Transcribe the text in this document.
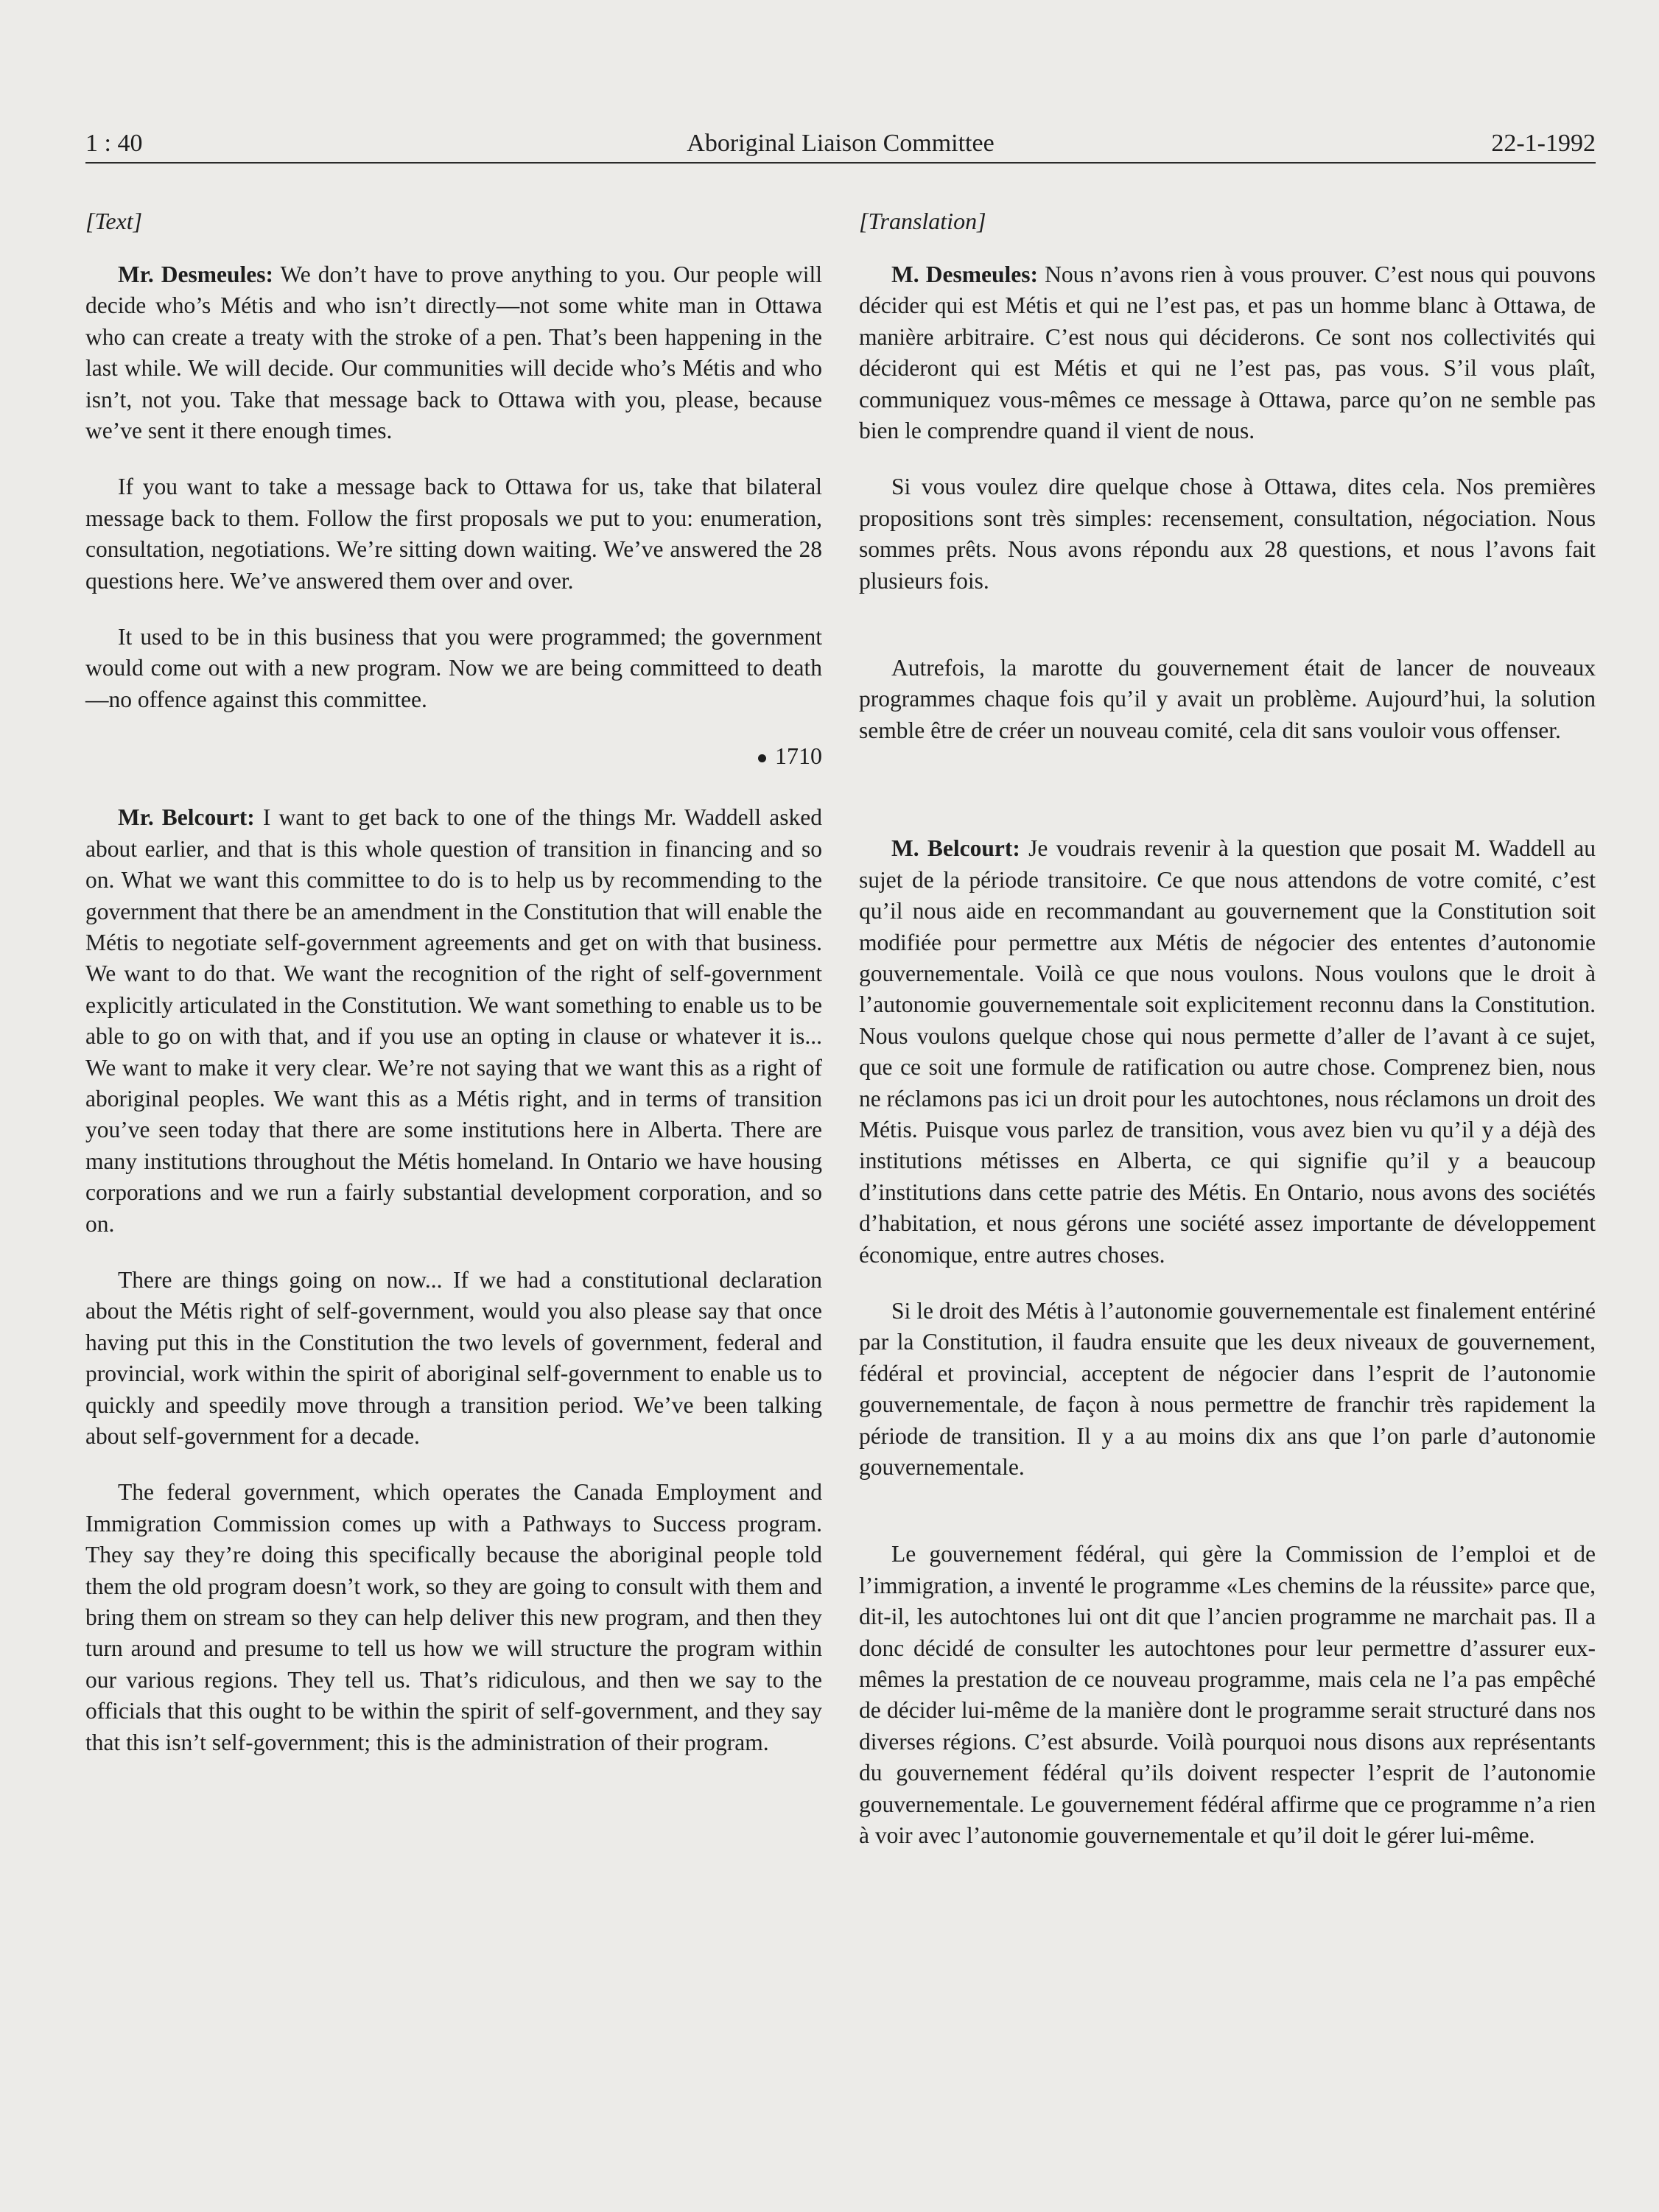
1 : 40	Aboriginal Liaison Committee	22-1-1992

[Text]

Mr. Desmeules: We don’t have to prove anything to you. Our people will decide who’s Métis and who isn’t directly—not some white man in Ottawa who can create a treaty with the stroke of a pen. That’s been happening in the last while. We will decide. Our communities will decide who’s Métis and who isn’t, not you. Take that message back to Ottawa with you, please, because we’ve sent it there enough times.

If you want to take a message back to Ottawa for us, take that bilateral message back to them. Follow the first proposals we put to you: enumeration, consultation, negotiations. We’re sitting down waiting. We’ve answered the 28 questions here. We’ve answered them over and over.

It used to be in this business that you were programmed; the government would come out with a new program. Now we are being committeed to death—no offence against this committee.

1710

Mr. Belcourt: I want to get back to one of the things Mr. Waddell asked about earlier, and that is this whole question of transition in financing and so on. What we want this committee to do is to help us by recommending to the government that there be an amendment in the Constitution that will enable the Métis to negotiate self-government agreements and get on with that business. We want to do that. We want the recognition of the right of self-government explicitly articulated in the Constitution. We want something to enable us to be able to go on with that, and if you use an opting in clause or whatever it is... We want to make it very clear. We’re not saying that we want this as a right of aboriginal peoples. We want this as a Métis right, and in terms of transition you’ve seen today that there are some institutions here in Alberta. There are many institutions throughout the Métis homeland. In Ontario we have housing corporations and we run a fairly substantial development corporation, and so on.

There are things going on now... If we had a constitutional declaration about the Métis right of self-government, would you also please say that once having put this in the Constitution the two levels of government, federal and provincial, work within the spirit of aboriginal self-government to enable us to quickly and speedily move through a transition period. We’ve been talking about self-government for a decade.

The federal government, which operates the Canada Employment and Immigration Commission comes up with a Pathways to Success program. They say they’re doing this specifically because the aboriginal people told them the old program doesn’t work, so they are going to consult with them and bring them on stream so they can help deliver this new program, and then they turn around and presume to tell us how we will structure the program within our various regions. They tell us. That’s ridiculous, and then we say to the officials that this ought to be within the spirit of self-government, and they say that this isn’t self-government; this is the administration of their program.

[Translation]

M. Desmeules: Nous n’avons rien à vous prouver. C’est nous qui pouvons décider qui est Métis et qui ne l’est pas, et pas un homme blanc à Ottawa, de manière arbitraire. C’est nous qui déciderons. Ce sont nos collectivités qui décideront qui est Métis et qui ne l’est pas, pas vous. S’il vous plaît, communiquez vous-mêmes ce message à Ottawa, parce qu’on ne semble pas bien le comprendre quand il vient de nous.

Si vous voulez dire quelque chose à Ottawa, dites cela. Nos premières propositions sont très simples: recensement, consultation, négociation. Nous sommes prêts. Nous avons répondu aux 28 questions, et nous l’avons fait plusieurs fois.

Autrefois, la marotte du gouvernement était de lancer de nouveaux programmes chaque fois qu’il y avait un problème. Aujourd’hui, la solution semble être de créer un nouveau comité, cela dit sans vouloir vous offenser.

M. Belcourt: Je voudrais revenir à la question que posait M. Waddell au sujet de la période transitoire. Ce que nous attendons de votre comité, c’est qu’il nous aide en recommandant au gouvernement que la Constitution soit modifiée pour permettre aux Métis de négocier des ententes d’autonomie gouvernementale. Voilà ce que nous voulons. Nous voulons que le droit à l’autonomie gouvernementale soit explicitement reconnu dans la Constitution. Nous voulons quelque chose qui nous permette d’aller de l’avant à ce sujet, que ce soit une formule de ratification ou autre chose. Comprenez bien, nous ne réclamons pas ici un droit pour les autochtones, nous réclamons un droit des Métis. Puisque vous parlez de transition, vous avez bien vu qu’il y a déjà des institutions métisses en Alberta, ce qui signifie qu’il y a beaucoup d’institutions dans cette patrie des Métis. En Ontario, nous avons des sociétés d’habitation, et nous gérons une société assez importante de développement économique, entre autres choses.

Si le droit des Métis à l’autonomie gouvernementale est finalement entériné par la Constitution, il faudra ensuite que les deux niveaux de gouvernement, fédéral et provincial, acceptent de négocier dans l’esprit de l’autonomie gouvernementale, de façon à nous permettre de franchir très rapidement la période de transition. Il y a au moins dix ans que l’on parle d’autonomie gouvernementale.

Le gouvernement fédéral, qui gère la Commission de l’emploi et de l’immigration, a inventé le programme «Les chemins de la réussite» parce que, dit-il, les autochtones lui ont dit que l’ancien programme ne marchait pas. Il a donc décidé de consulter les autochtones pour leur permettre d’assurer eux-mêmes la prestation de ce nouveau programme, mais cela ne l’a pas empêché de décider lui-même de la manière dont le programme serait structuré dans nos diverses régions. C’est absurde. Voilà pourquoi nous disons aux représentants du gouvernement fédéral qu’ils doivent respecter l’esprit de l’autonomie gouvernementale. Le gouvernement fédéral affirme que ce programme n’a rien à voir avec l’autonomie gouvernementale et qu’il doit le gérer lui-même.
